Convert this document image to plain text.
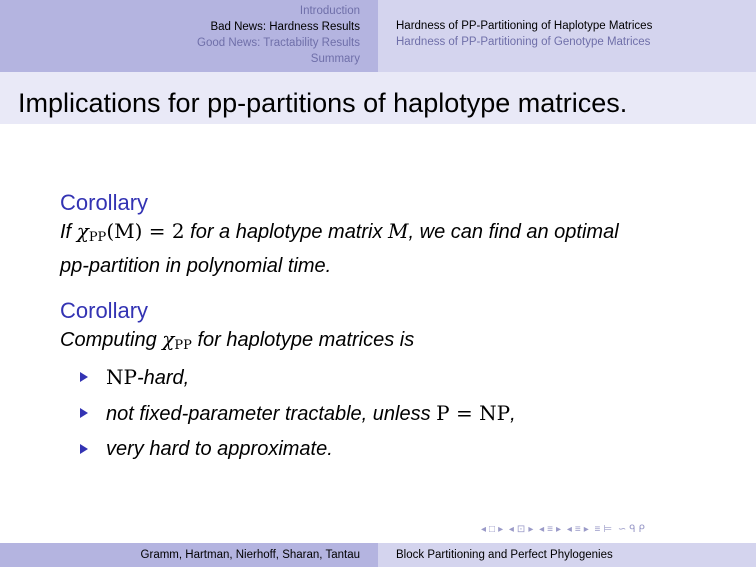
Introduction
Bad News: Hardness Results
Good News: Tractability Results
Summary
Hardness of PP-Partitioning of Haplotype Matrices
Hardness of PP-Partitioning of Genotype Matrices
Implications for pp-partitions of haplotype matrices.
Corollary
If $\chi_{PP}(M) = 2$ for a haplotype matrix M, we can find an optimal
pp-partition in polynomial time.
Corollary
Computing $\chi_{PP}$ for haplotype matrices is
NP-hard,
not fixed-parameter tractable, unless P = NP,
very hard to approximate.
◂ □ ▸ ◂ ⊡ ▸ ◂ ≡ ▸ ◂ ≡ ▸ ≡ ⊨ ∽ ᑫ ᑭ
Gramm, Hartman, Nierhoff, Sharan, Tantau	Block Partitioning and Perfect Phylogenies
